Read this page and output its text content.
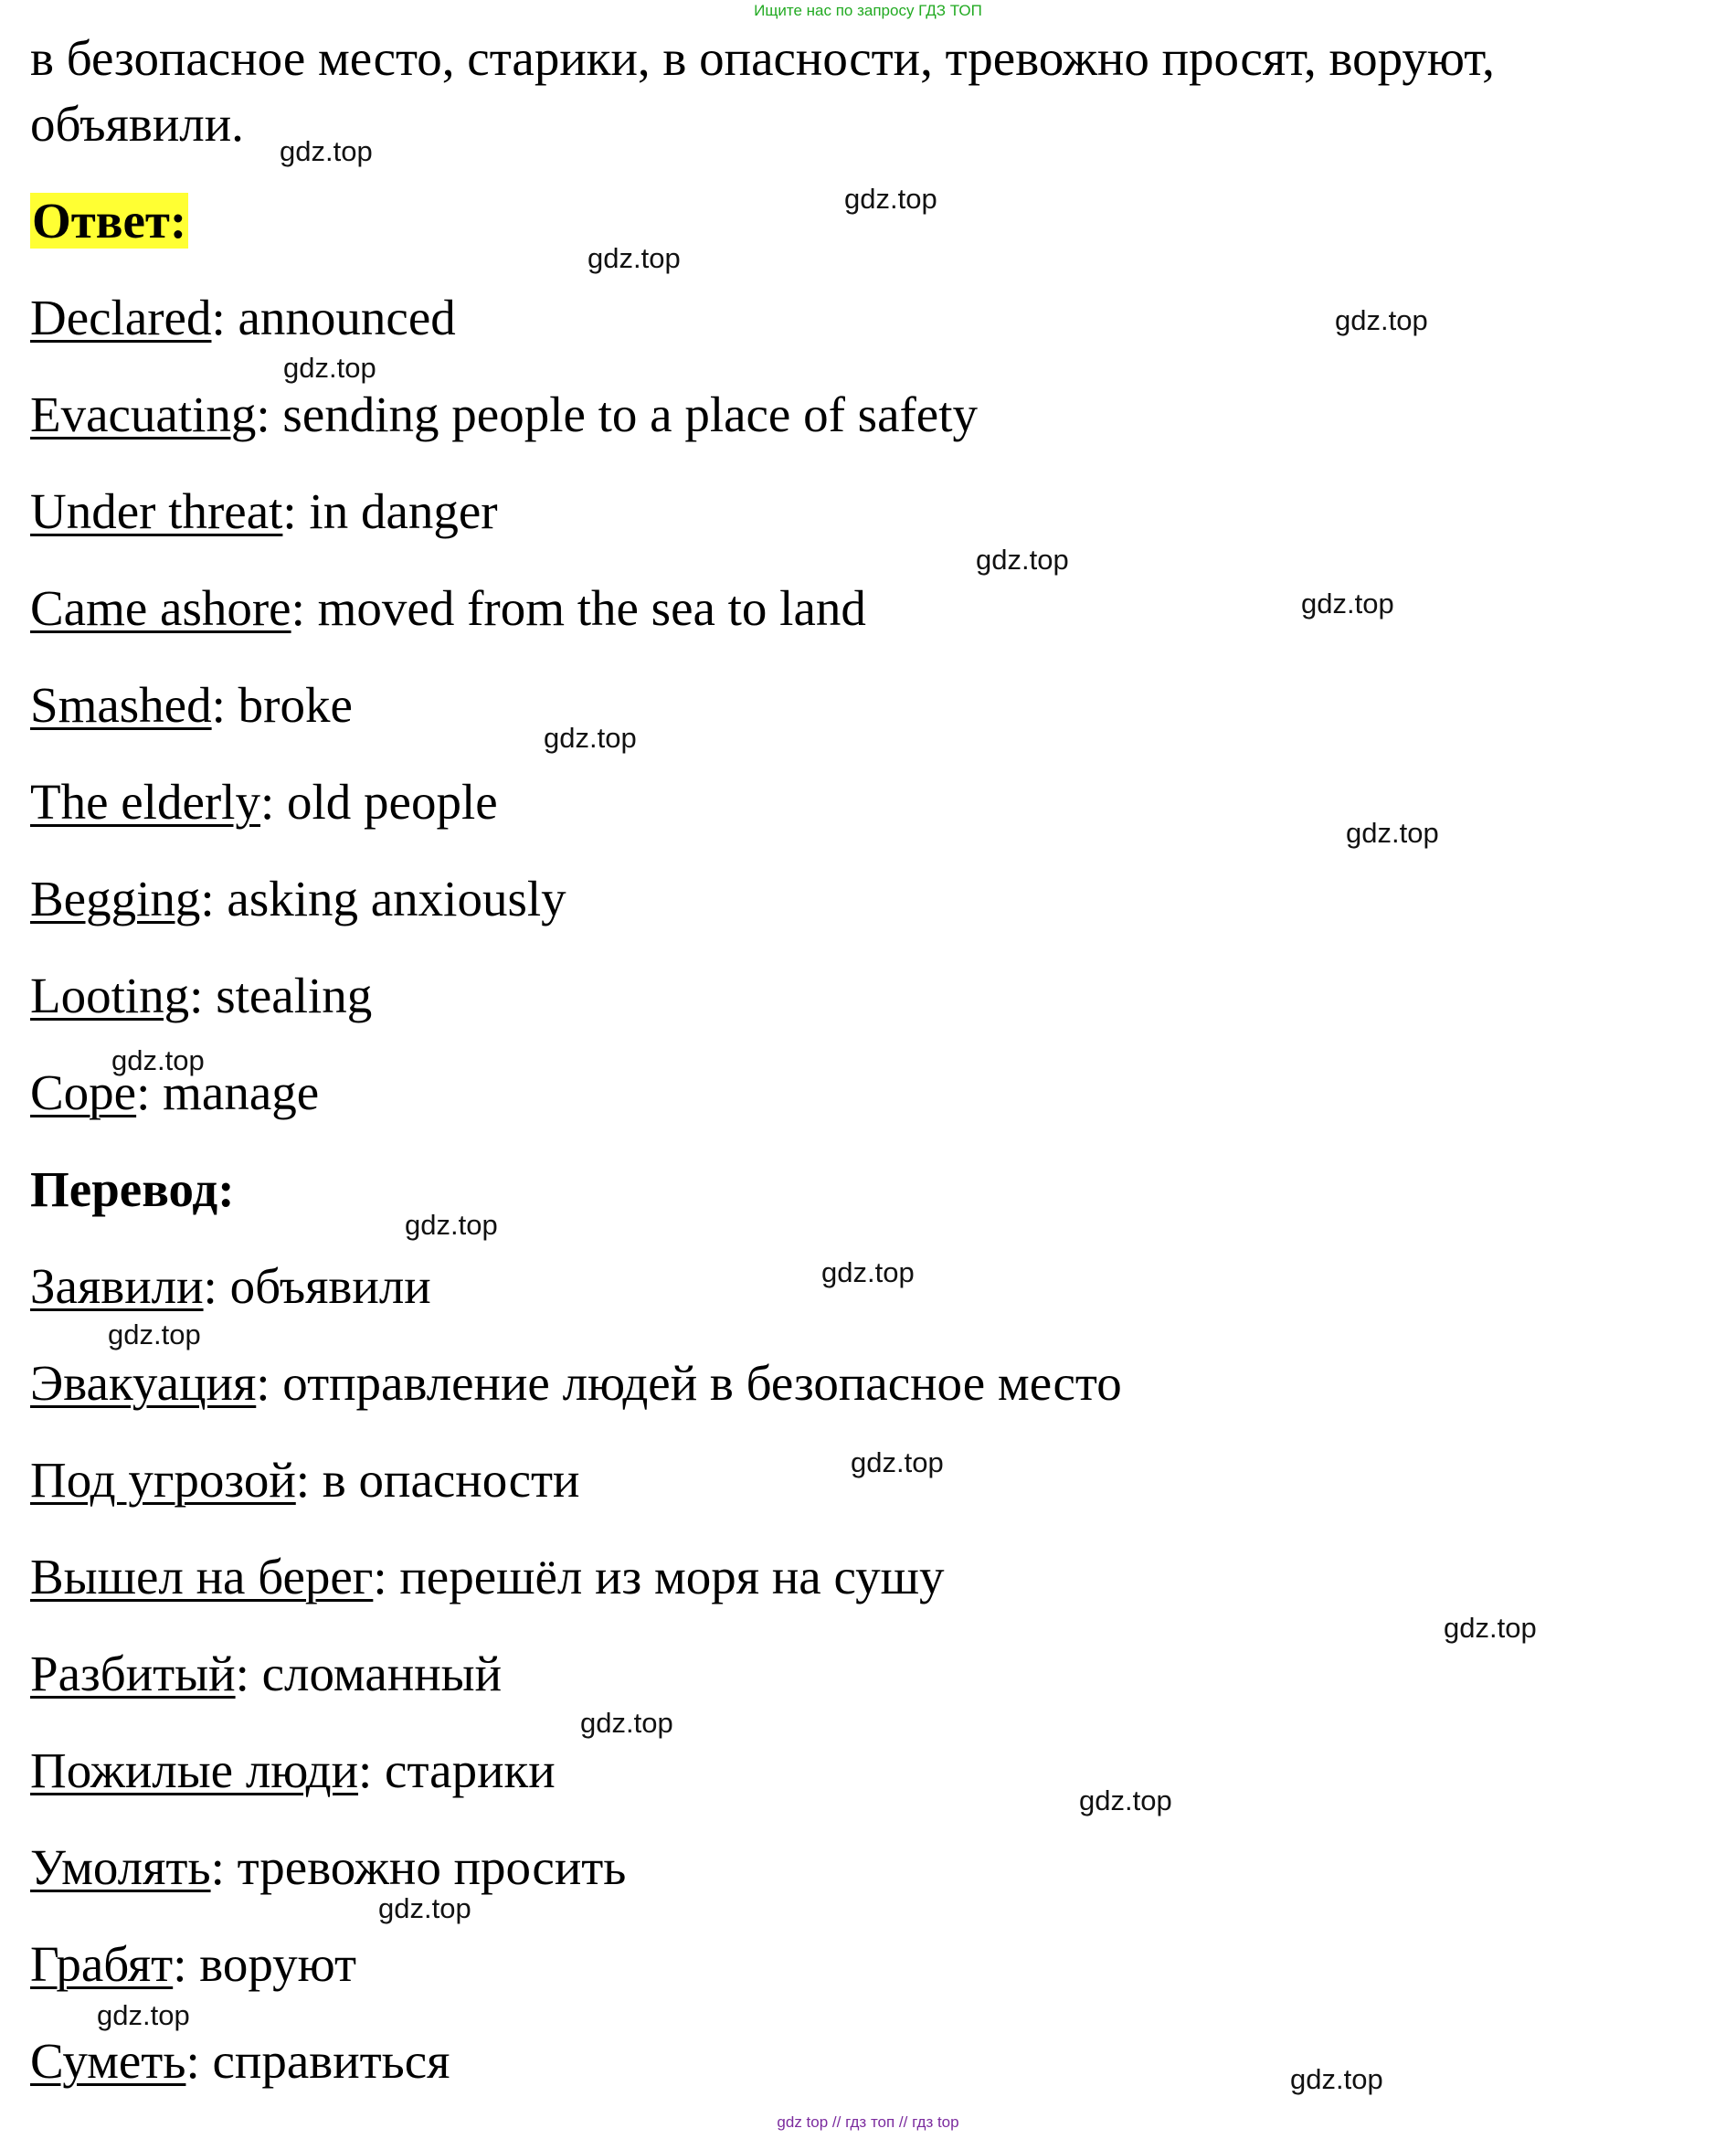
Ищите нас по запросу ГДЗ ТОП
в безопасное место, старики, в опасности, тревожно просят, воруют,
объявили.
Ответ:
Declared: announced
Evacuating: sending people to a place of safety
Under threat: in danger
Came ashore: moved from the sea to land
Smashed: broke
The elderly: old people
Begging: asking anxiously
Looting: stealing
Cope: manage
Перевод:
Заявили: объявили
Эвакуация: отправление людей в безопасное место
Под угрозой: в опасности
Вышел на берег: перешёл из моря на сушу
Разбитый: сломанный
Пожилые люди: старики
Умолять: тревожно просить
Грабят: воруют
Суметь: справиться
gdz.top
gdz.top
gdz.top
gdz.top
gdz.top
gdz.top
gdz.top
gdz.top
gdz.top
gdz.top
gdz.top
gdz.top
gdz.top
gdz.top
gdz.top
gdz.top
gdz.top
gdz.top
gdz.top
gdz.top
gdz top // гдз топ // гдз top
